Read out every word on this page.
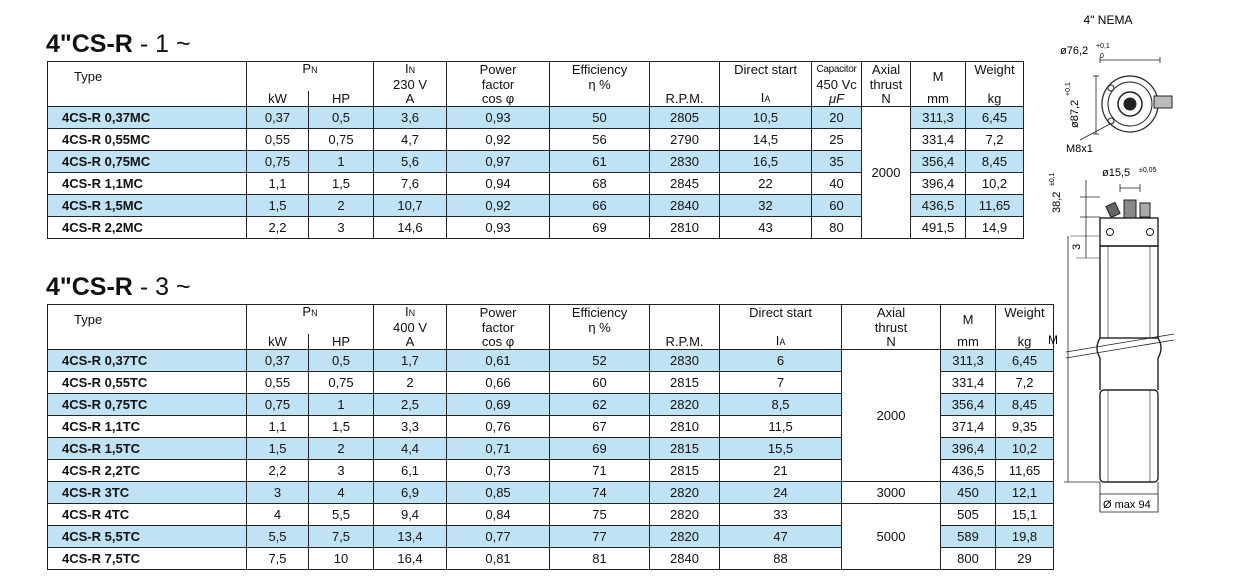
4"CS-R - 1 ~
Type	PN		IN	Power	Efficiency		Direct start	Capacitor	Axial	M	Weight
			230 V	factor	η %			450 Vc	thrust		
	kW	HP	A	cos φ		R.P.M.	IA	μF	N	mm	kg
4CS-R 0,37MC	0,37	0,5	3,6	0,93	50	2805	10,5	20	2000	311,3	6,45
4CS-R 0,55MC	0,55	0,75	4,7	0,92	56	2790	14,5	25		331,4	7,2
4CS-R 0,75MC	0,75	1	5,6	0,97	61	2830	16,5	35		356,4	8,45
4CS-R 1,1MC	1,1	1,5	7,6	0,94	68	2845	22	40		396,4	10,2
4CS-R 1,5MC	1,5	2	10,7	0,92	66	2840	32	60		436,5	11,65
4CS-R 2,2MC	2,2	3	14,6	0,93	69	2810	43	80		491,5	14,9
4"CS-R - 3 ~
Type	PN		IN	Power	Efficiency		Direct start	Axial	M	Weight
			400 V	factor	η %			thrust		
	kW	HP	A	cos φ		R.P.M.	IA	N	mm	kg
4CS-R 0,37TC	0,37	0,5	1,7	0,61	52	2830	6	2000	311,3	6,45
4CS-R 0,55TC	0,55	0,75	2	0,66	60	2815	7		331,4	7,2
4CS-R 0,75TC	0,75	1	2,5	0,69	62	2820	8,5		356,4	8,45
4CS-R 1,1TC	1,1	1,5	3,3	0,76	67	2810	11,5		371,4	9,35
4CS-R 1,5TC	1,5	2	4,4	0,71	69	2815	15,5		396,4	10,2
4CS-R 2,2TC	2,2	3	6,1	0,73	71	2815	21		436,5	11,65
4CS-R 3TC	3	4	6,9	0,85	74	2820	24	3000	450	12,1
4CS-R 4TC	4	5,5	9,4	0,84	75	2820	33	5000	505	15,1
4CS-R 5,5TC	5,5	7,5	13,4	0,77	77	2820	47		589	19,8
4CS-R 7,5TC	7,5	10	16,4	0,81	81	2840	88		800	29
4" NEMA
ø76,2 +0,1
0
ø87,2
+0,1
M8x1
ø15,5 ±0,05
38,2
±0,1
3
M
Ø max 94
